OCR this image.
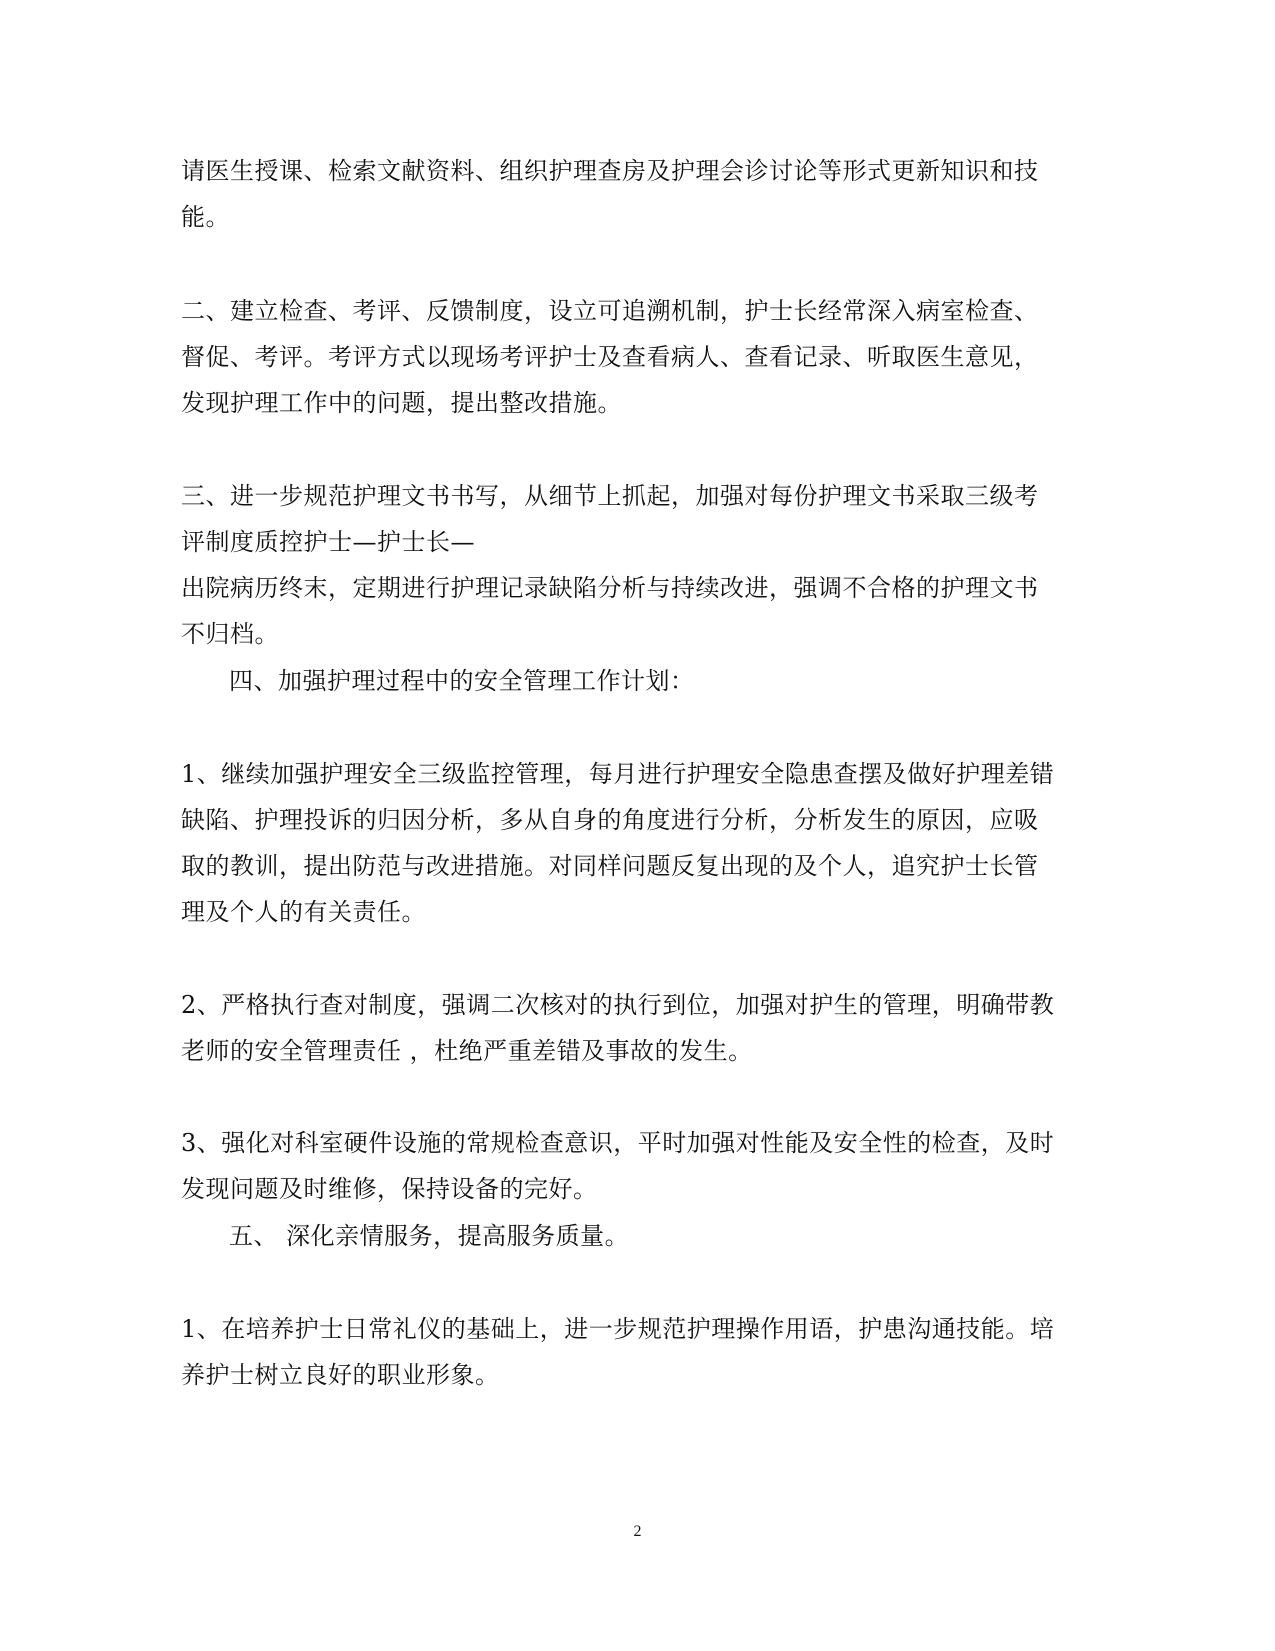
请医生授课、检索文献资料、组织护理查房及护理会诊讨论等形式更新知识和技
能。
二、建立检查、考评、反馈制度，设立可追溯机制，护士长经常深入病室检查、
督促、考评。考评方式以现场考评护士及查看病人、查看记录、听取医生意见，
发现护理工作中的问题，提出整改措施。
三、进一步规范护理文书书写，从细节上抓起，加强对每份护理文书采取三级考
评制度质控护士—护士长—
出院病历终末，定期进行护理记录缺陷分析与持续改进，强调不合格的护理文书
不归档。
四、加强护理过程中的安全管理工作计划：
1、继续加强护理安全三级监控管理，每月进行护理安全隐患查摆及做好护理差错
缺陷、护理投诉的归因分析，多从自身的角度进行分析，分析发生的原因，应吸
取的教训，提出防范与改进措施。对同样问题反复出现的及个人，追究护士长管
理及个人的有关责任。
2、严格执行查对制度，强调二次核对的执行到位，加强对护生的管理，明确带教
老师的安全管理责任 ，杜绝严重差错及事故的发生。
3、强化对科室硬件设施的常规检查意识，平时加强对性能及安全性的检查，及时
发现问题及时维修，保持设备的完好。
五、 深化亲情服务，提高服务质量。
1、在培养护士日常礼仪的基础上，进一步规范护理操作用语，护患沟通技能。培
养护士树立良好的职业形象。
2
